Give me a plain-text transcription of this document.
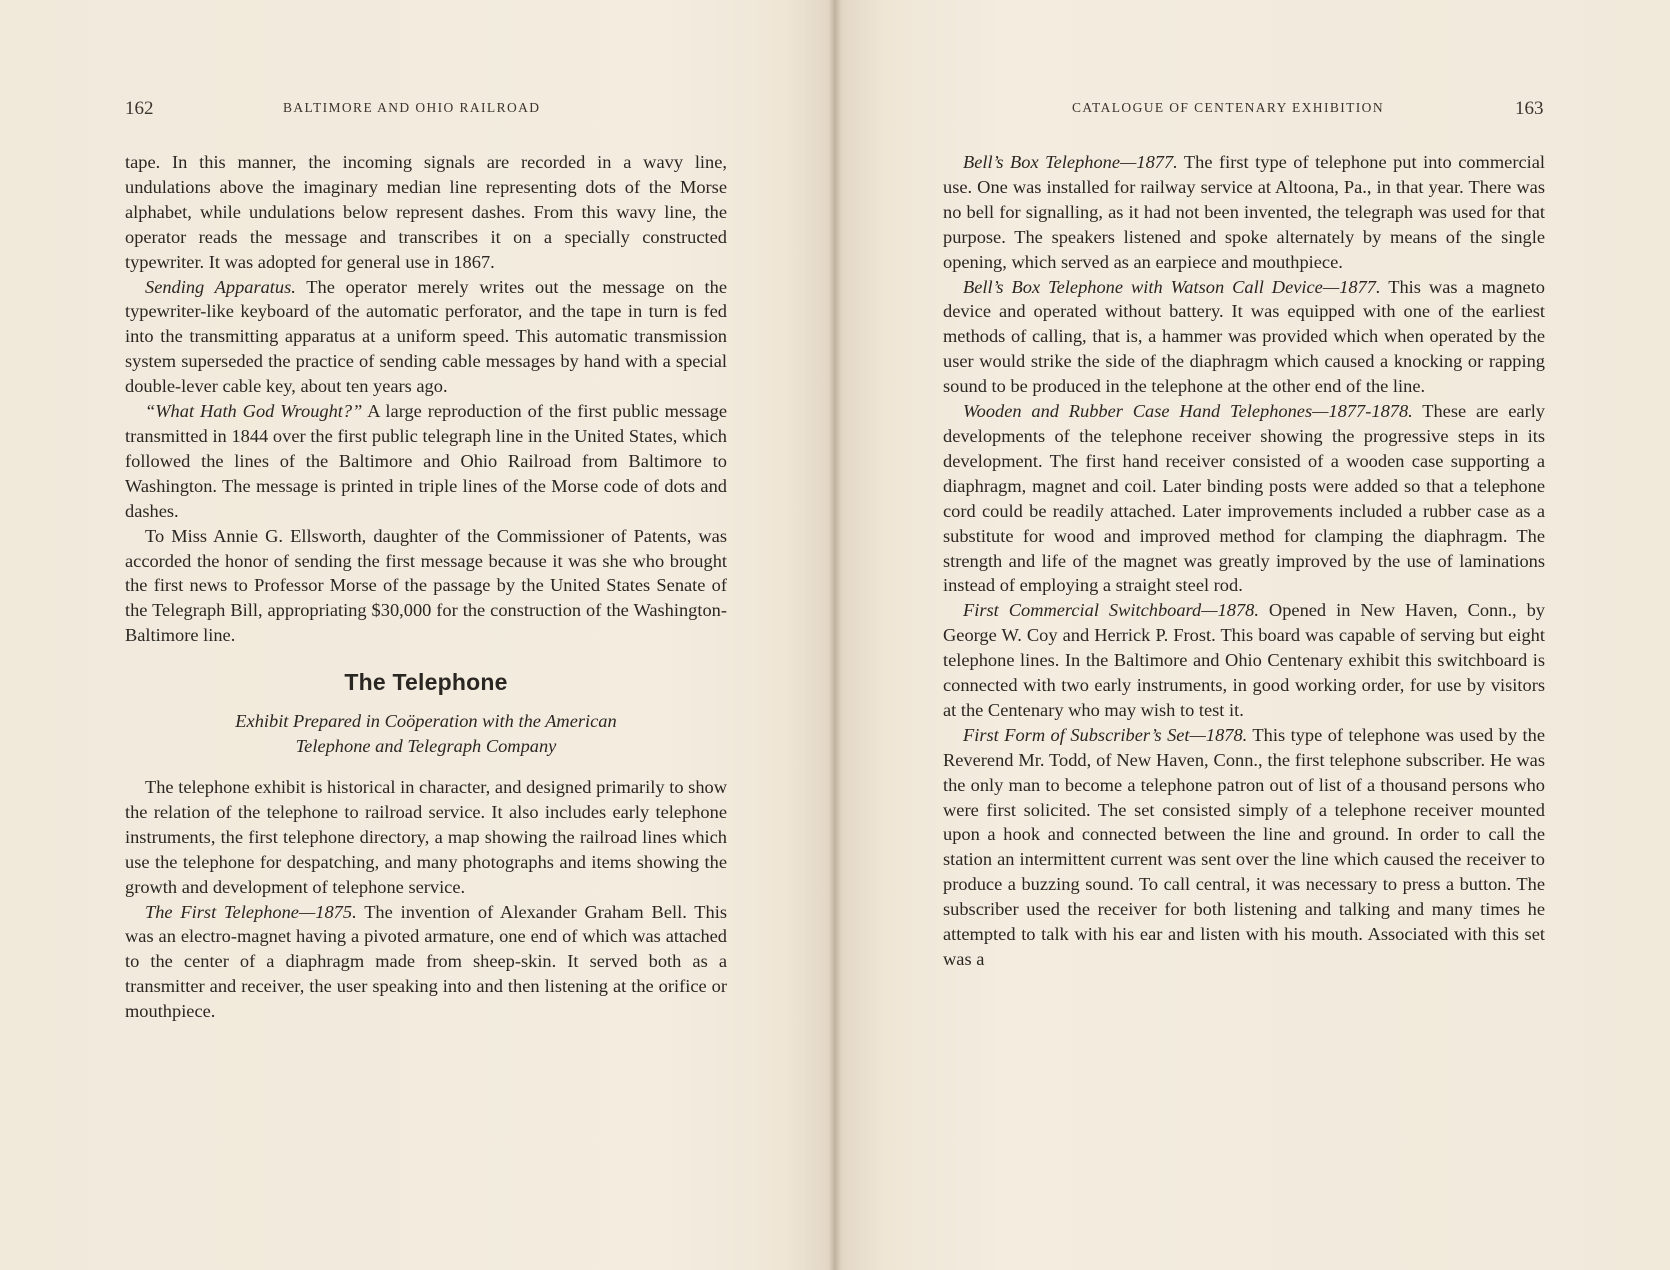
162	BALTIMORE AND OHIO RAILROAD

tape. In this manner, the incoming signals are recorded in a wavy line, undulations above the imaginary median line representing dots of the Morse alphabet, while undulations below represent dashes. From this wavy line, the operator reads the message and transcribes it on a specially constructed typewriter. It was adopted for general use in 1867.

Sending Apparatus. The operator merely writes out the message on the typewriter-like keyboard of the automatic perforator, and the tape in turn is fed into the transmitting apparatus at a uniform speed. This automatic transmission system superseded the practice of sending cable messages by hand with a special double-lever cable key, about ten years ago.

“What Hath God Wrought?” A large reproduction of the first public message transmitted in 1844 over the first public telegraph line in the United States, which followed the lines of the Baltimore and Ohio Railroad from Baltimore to Washington. The message is printed in triple lines of the Morse code of dots and dashes.

To Miss Annie G. Ellsworth, daughter of the Commissioner of Patents, was accorded the honor of sending the first message because it was she who brought the first news to Professor Morse of the passage by the United States Senate of the Telegraph Bill, appropriating $30,000 for the construction of the Washington-Baltimore line.

The Telephone
Exhibit Prepared in Coöperation with the American
Telephone and Telegraph Company

The telephone exhibit is historical in character, and designed primarily to show the relation of the telephone to railroad service. It also includes early telephone instruments, the first telephone directory, a map showing the railroad lines which use the telephone for despatching, and many photographs and items showing the growth and development of telephone service.

The First Telephone—1875. The invention of Alexander Graham Bell. This was an electro-magnet having a pivoted armature, one end of which was attached to the center of a diaphragm made from sheep-skin. It served both as a transmitter and receiver, the user speaking into and then listening at the orifice or mouthpiece.

CATALOGUE OF CENTENARY EXHIBITION	163

Bell’s Box Telephone—1877. The first type of telephone put into commercial use. One was installed for railway service at Altoona, Pa., in that year. There was no bell for signalling, as it had not been invented, the telegraph was used for that purpose. The speakers listened and spoke alternately by means of the single opening, which served as an earpiece and mouthpiece.

Bell’s Box Telephone with Watson Call Device—1877. This was a magneto device and operated without battery. It was equipped with one of the earliest methods of calling, that is, a hammer was provided which when operated by the user would strike the side of the diaphragm which caused a knocking or rapping sound to be produced in the telephone at the other end of the line.

Wooden and Rubber Case Hand Telephones—1877-1878. These are early developments of the telephone receiver showing the progressive steps in its development. The first hand receiver consisted of a wooden case supporting a diaphragm, magnet and coil. Later binding posts were added so that a telephone cord could be readily attached. Later improvements included a rubber case as a substitute for wood and improved method for clamping the diaphragm. The strength and life of the magnet was greatly improved by the use of laminations instead of employing a straight steel rod.

First Commercial Switchboard—1878. Opened in New Haven, Conn., by George W. Coy and Herrick P. Frost. This board was capable of serving but eight telephone lines. In the Baltimore and Ohio Centenary exhibit this switchboard is connected with two early instruments, in good working order, for use by visitors at the Centenary who may wish to test it.

First Form of Subscriber’s Set—1878. This type of telephone was used by the Reverend Mr. Todd, of New Haven, Conn., the first telephone subscriber. He was the only man to become a telephone patron out of list of a thousand persons who were first solicited. The set consisted simply of a telephone receiver mounted upon a hook and connected between the line and ground. In order to call the station an intermittent current was sent over the line which caused the receiver to produce a buzzing sound. To call central, it was necessary to press a button. The subscriber used the receiver for both listening and talking and many times he attempted to talk with his ear and listen with his mouth. Associated with this set was a
